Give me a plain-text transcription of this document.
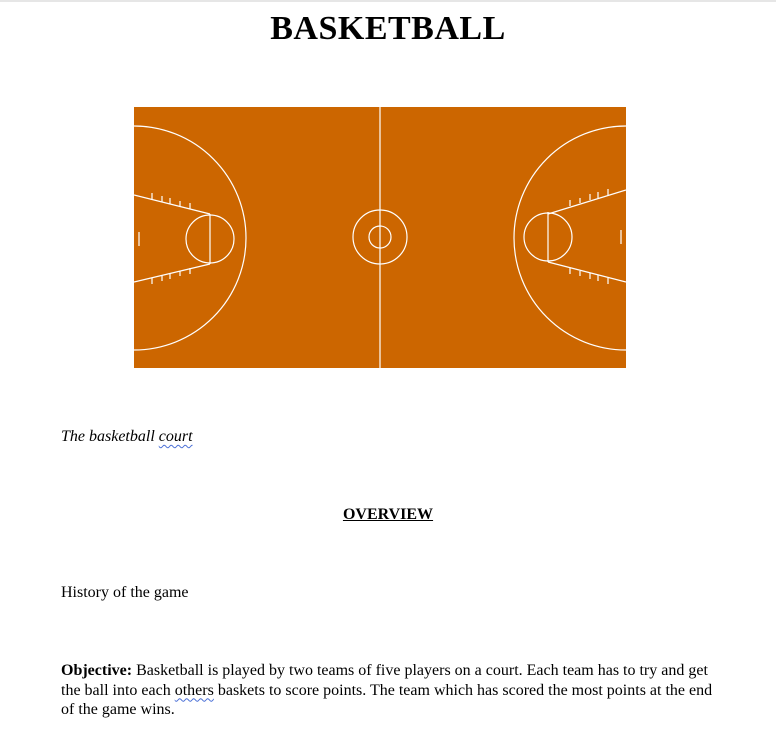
BASKETBALL
The basketball court
OVERVIEW
History of the game
Objective: Basketball is played by two teams of five players on a court. Each team has to try and get the ball into each others baskets to score points. The team which has scored the most points at the end of the game wins.
